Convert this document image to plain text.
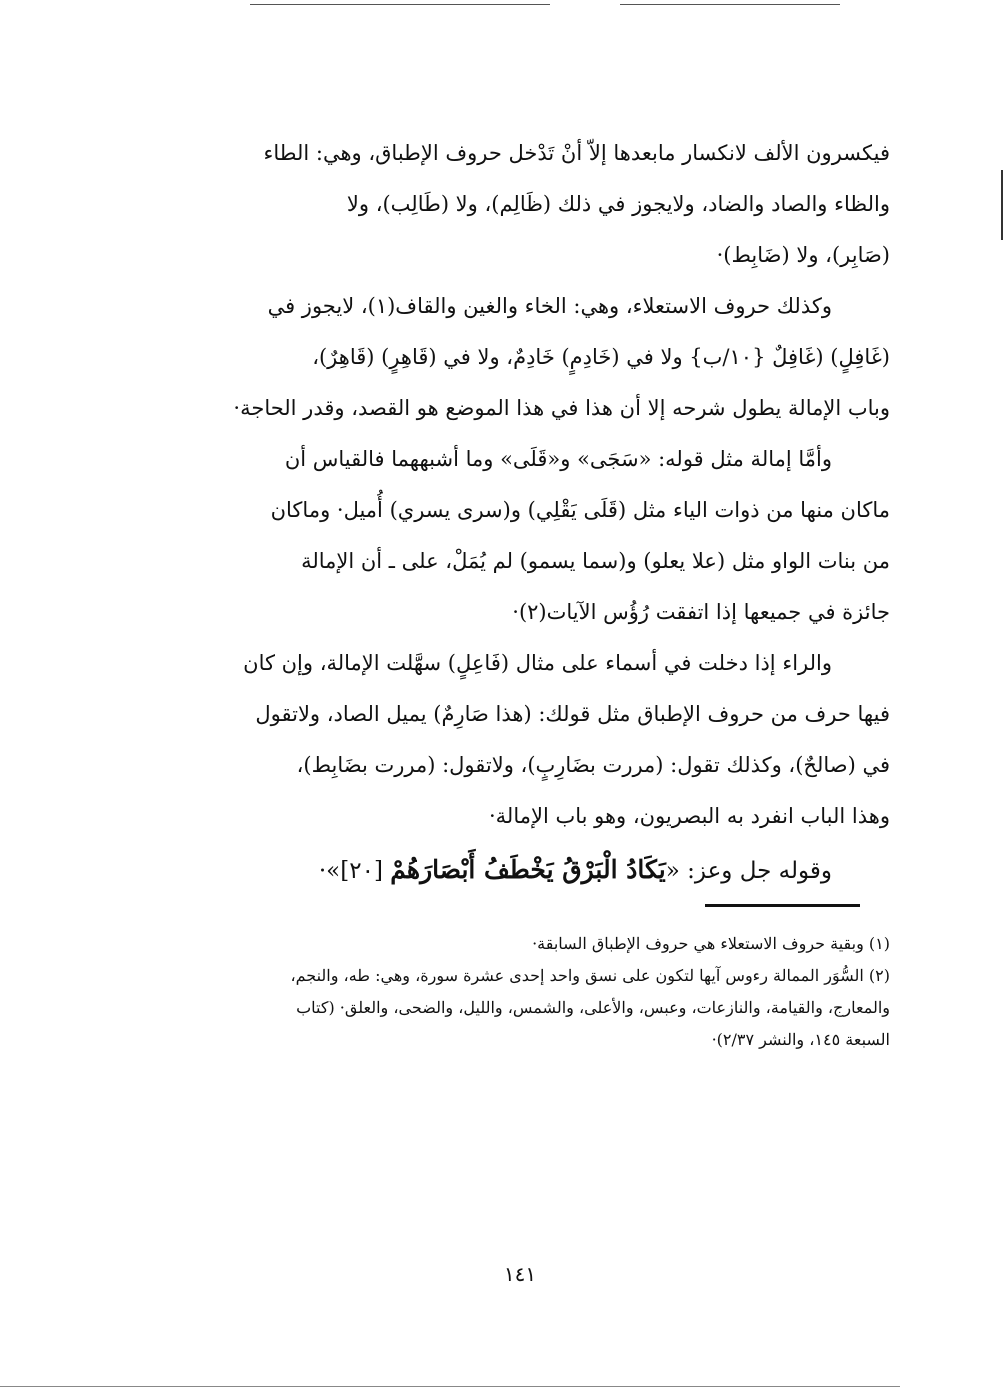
فيكسرون الألف لانكسار مابعدها إلاّ أنْ تَدْخل حروف الإطباق، وهي: الطاء
والظاء والصاد والضاد، ولايجوز في ذلك (ظَالِم)، ولا (طَالِب)، ولا
(صَابِر)، ولا (ضَابِط)·
وكذلك حروف الاستعلاء، وهي: الخاء والغين والقاف(١)، لايجوز في
(غَافِلٍ) (غَافِلٌ {١٠/ب} ولا في (خَادِمٍ) خَادِمٌ، ولا في (قَاهِرٍ) (قَاهِرٌ)،
وباب الإمالة يطول شرحه إلا أن هذا في هذا الموضع هو القصد، وقدر الحاجة·
وأمَّا إمالة مثل قوله: «سَجَى» و«قَلَى» وما أشبههما فالقياس أن
ماكان منها من ذوات الياء مثل (قَلَى يَقْلِي) و(سرى يسري) أُميل· وماكان
من بنات الواو مثل (علا يعلو) و(سما يسمو) لم يُمَلْ، على ـ أن الإمالة
جائزة في جميعها إذا اتفقت رُؤُس الآيات(٢)·
والراء إذا دخلت في أسماء على مثال (فَاعِلٍ) سهَّلت الإمالة، وإن كان
فيها حرف من حروف الإطباق مثل قولك: (هذا صَارِمٌ) يميل الصاد، ولاتقول
في (صالحٌ)، وكذلك تقول: (مررت بضَارِبٍ)، ولاتقول: (مررت بضَابِط)،
وهذا الباب انفرد به البصريون، وهو باب الإمالة·
وقوله جل وعز: «يَكَادُ الْبَرْقُ يَخْطَفُ أَبْصَارَهُمْ [٢٠]»·
(١) وبقية حروف الاستعلاء هي حروف الإطباق السابقة·
(٢) السُّوَر الممالة رءوس آيها لتكون على نسق واحد إحدى عشرة سورة، وهي: طه، والنجم،
والمعارج، والقيامة، والنازعات، وعبس، والأعلى، والشمس، والليل، والضحى، والعلق· (كتاب
السبعة ١٤٥، والنشر ٢/٣٧)·
١٤١
